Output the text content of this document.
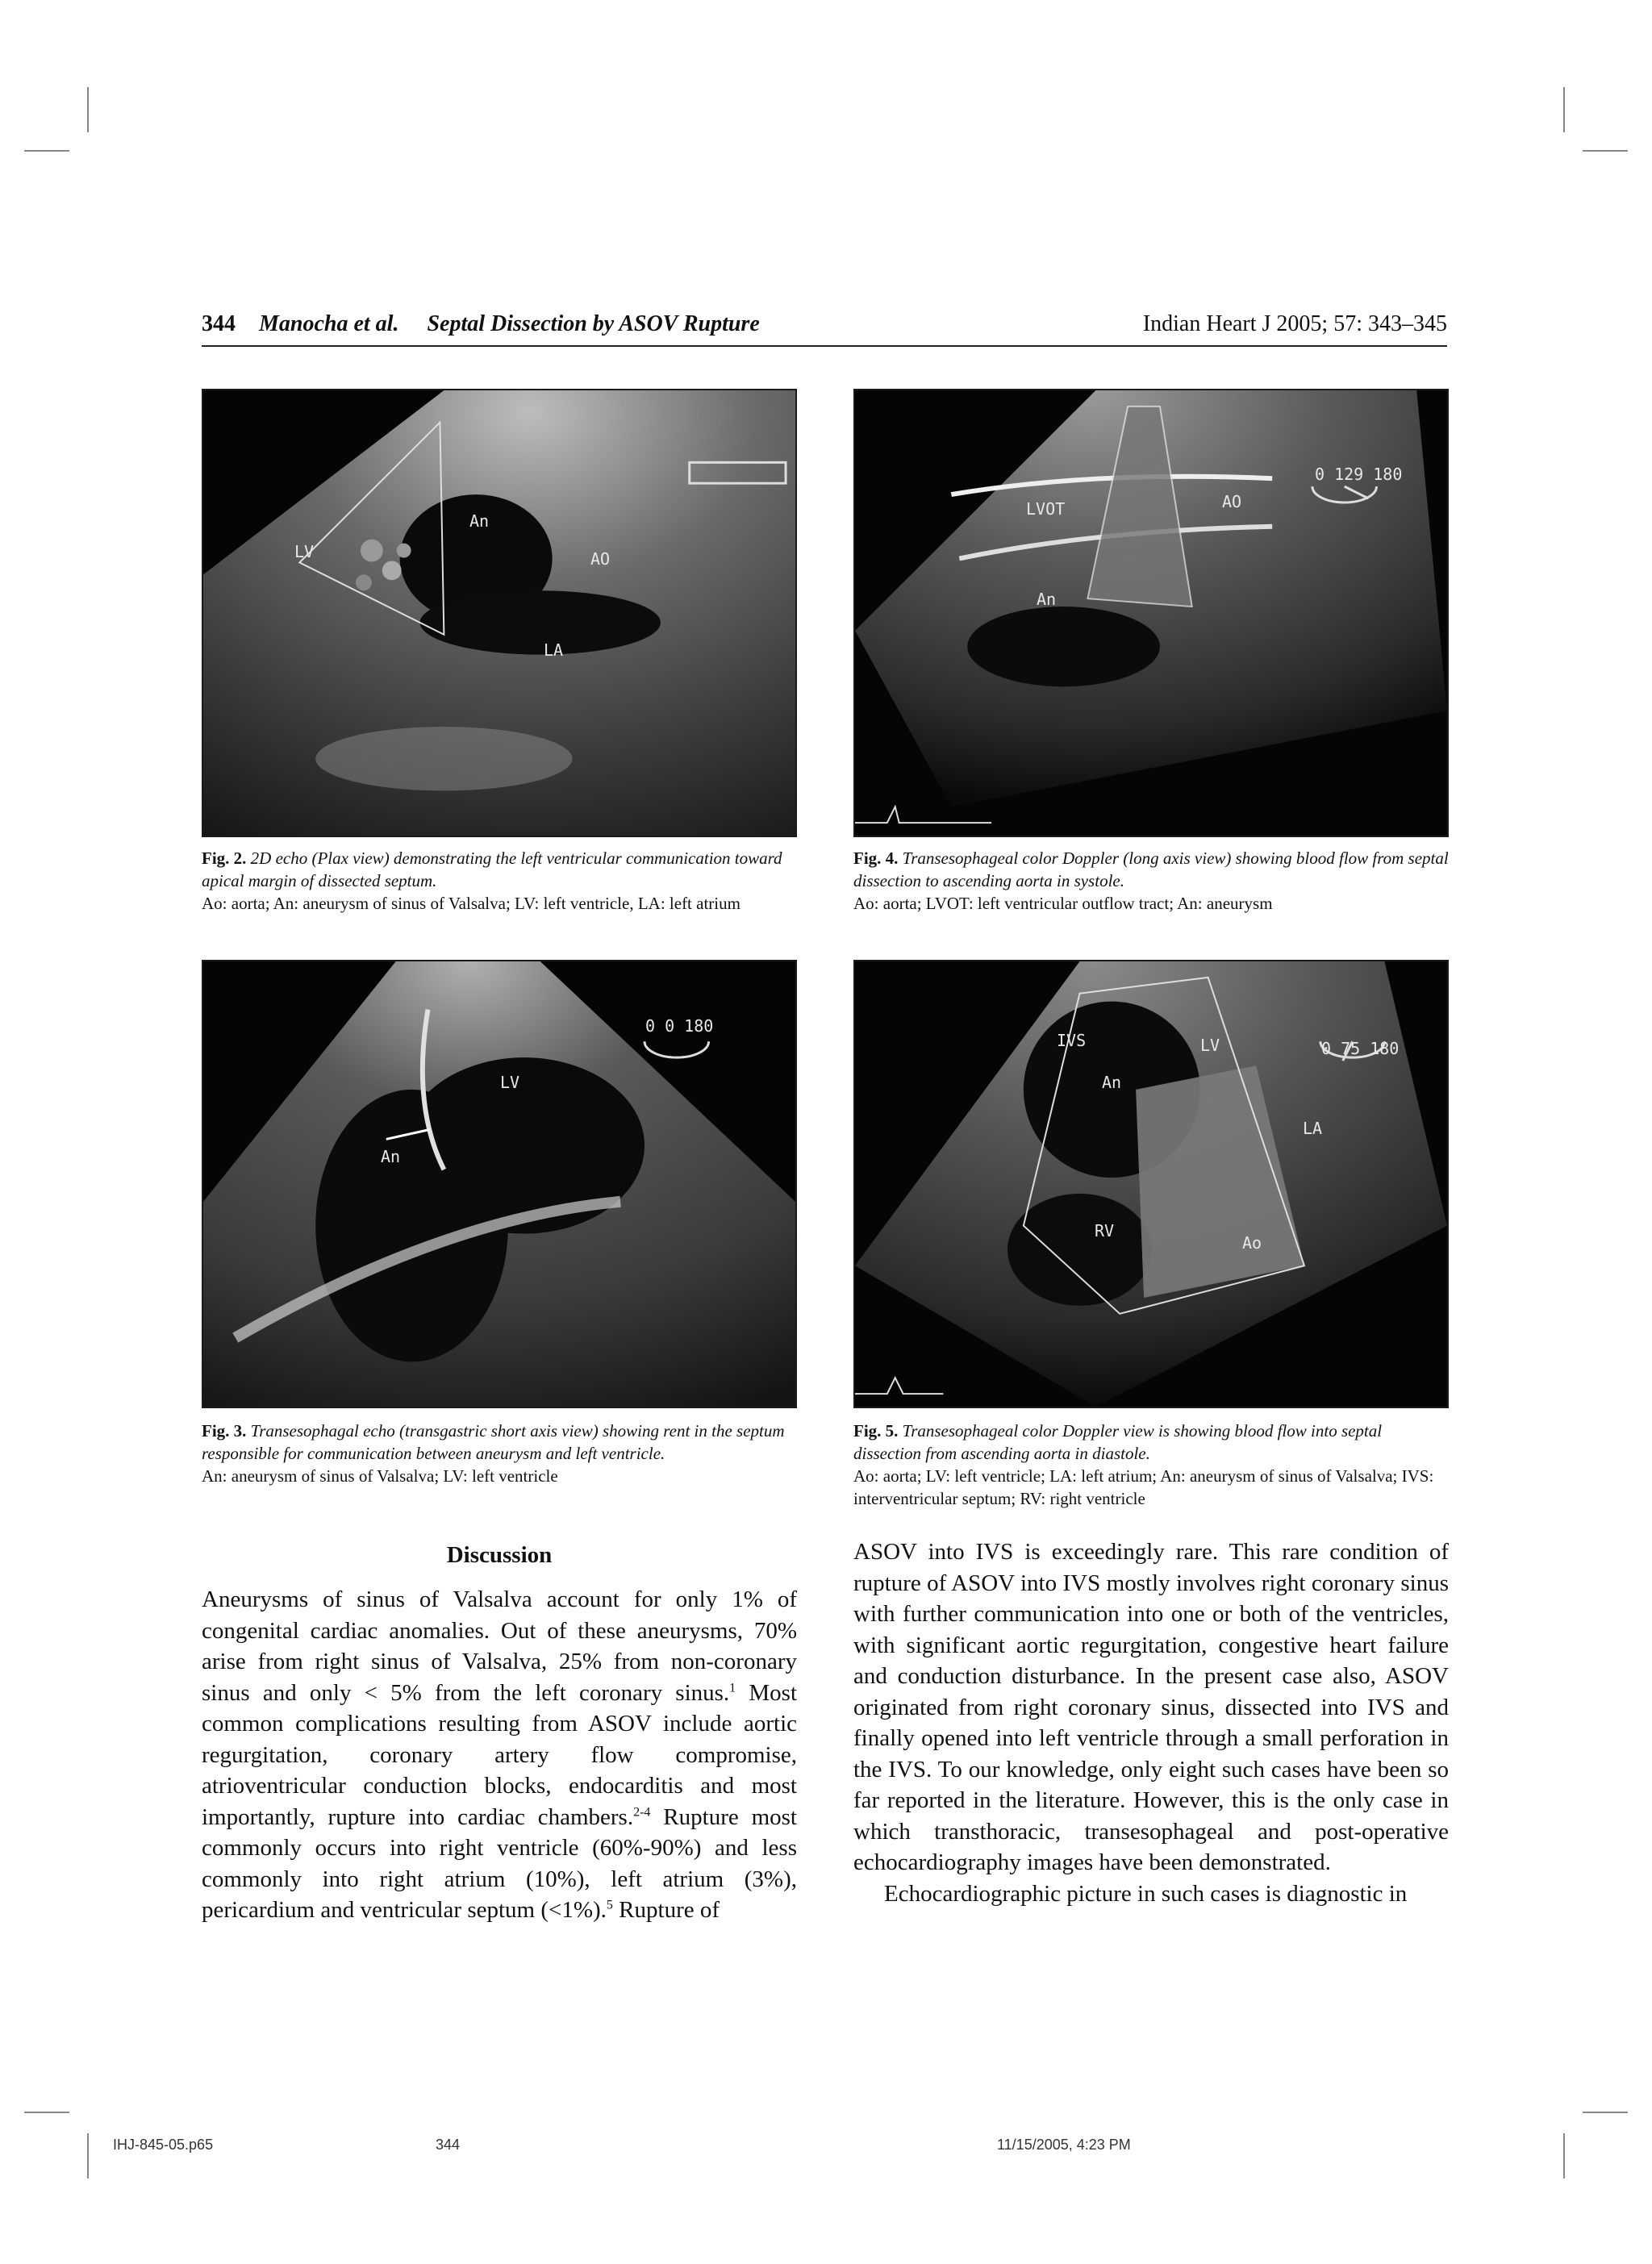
344 Manocha et al. Septal Dissection by ASOV Rupture	Indian Heart J 2005; 57: 343–345
An
LV	AO
LA
LVOT	AO
An
0 129 180
Fig. 2. 2D echo (Plax view) demonstrating the left ventricular communication toward apical margin of dissected septum.
Ao: aorta; An: aneurysm of sinus of Valsalva; LV: left ventricle, LA: left atrium
Fig. 4. Transesophageal color Doppler (long axis view) showing blood flow from septal dissection to ascending aorta in systole.
Ao: aorta; LVOT: left ventricular outflow tract; An: aneurysm
LV
An
0 0 180
IVS	LV
An
LA
RV
Ao
0 75 180
Fig. 3. Transesophagal echo (transgastric short axis view) showing rent in the septum responsible for communication between aneurysm and left ventricle.
An: aneurysm of sinus of Valsalva; LV: left ventricle
Fig. 5. Transesophageal color Doppler view is showing blood flow into septal dissection from ascending aorta in diastole.
Ao: aorta; LV: left ventricle; LA: left atrium; An: aneurysm of sinus of Valsalva; IVS: interventricular septum; RV: right ventricle
Discussion

Aneurysms of sinus of Valsalva account for only 1% of congenital cardiac anomalies. Out of these aneurysms, 70% arise from right sinus of Valsalva, 25% from non-coronary sinus and only < 5% from the left coronary sinus.$^1$ Most common complications resulting from ASOV include aortic regurgitation, coronary artery flow compromise, atrioventricular conduction blocks, endocarditis and most importantly, rupture into cardiac chambers.$^{2-4}$ Rupture most commonly occurs into right ventricle (60%-90%) and less commonly into right atrium (10%), left atrium (3%), pericardium and ventricular septum (<1%).$^5$ Rupture of

ASOV into IVS is exceedingly rare. This rare condition of rupture of ASOV into IVS mostly involves right coronary sinus with further communication into one or both of the ventricles, with significant aortic regurgitation, congestive heart failure and conduction disturbance. In the present case also, ASOV originated from right coronary sinus, dissected into IVS and finally opened into left ventricle through a small perforation in the IVS. To our knowledge, only eight such cases have been so far reported in the literature. However, this is the only case in which transthoracic, transesophageal and post-operative echocardiography images have been demonstrated.

Echocardiographic picture in such cases is diagnostic in

IHJ-845-05.p65	344	11/15/2005, 4:23 PM
